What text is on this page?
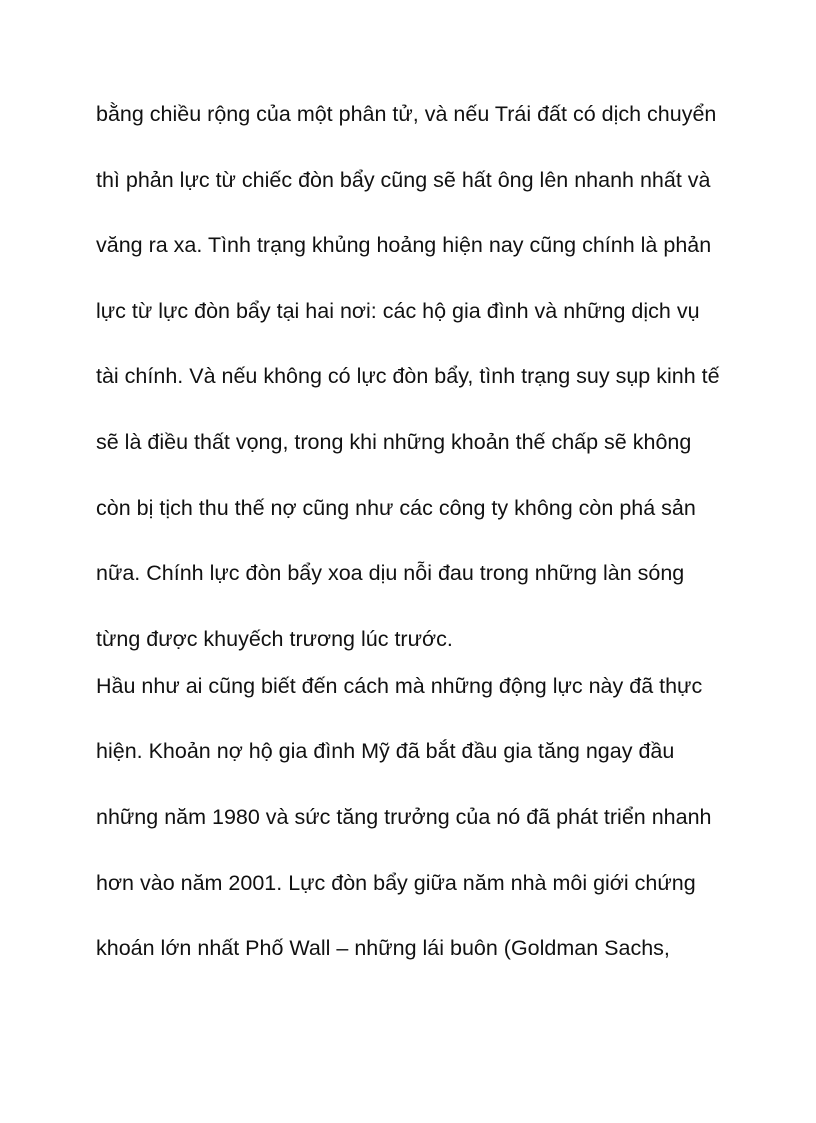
bằng chiều rộng của một phân tử, và nếu Trái đất có dịch chuyển
thì phản lực từ chiếc đòn bẩy cũng sẽ hất ông lên nhanh nhất và
văng ra xa. Tình trạng khủng hoảng hiện nay cũng chính là phản
lực từ lực đòn bẩy tại hai nơi: các hộ gia đình và những dịch vụ
tài chính. Và nếu không có lực đòn bẩy, tình trạng suy sụp kinh tế
sẽ là điều thất vọng, trong khi những khoản thế chấp sẽ không
còn bị tịch thu thế nợ cũng như các công ty không còn phá sản
nữa. Chính lực đòn bẩy xoa dịu nỗi đau trong những làn sóng
từng được khuyếch trương lúc trước.
Hầu như ai cũng biết đến cách mà những động lực này đã thực
hiện. Khoản nợ hộ gia đình Mỹ đã bắt đầu gia tăng ngay đầu
những năm 1980 và sức tăng trưởng của nó đã phát triển nhanh
hơn vào năm 2001. Lực đòn bẩy giữa năm nhà môi giới chứng
khoán lớn nhất Phố Wall – những lái buôn (Goldman Sachs,
